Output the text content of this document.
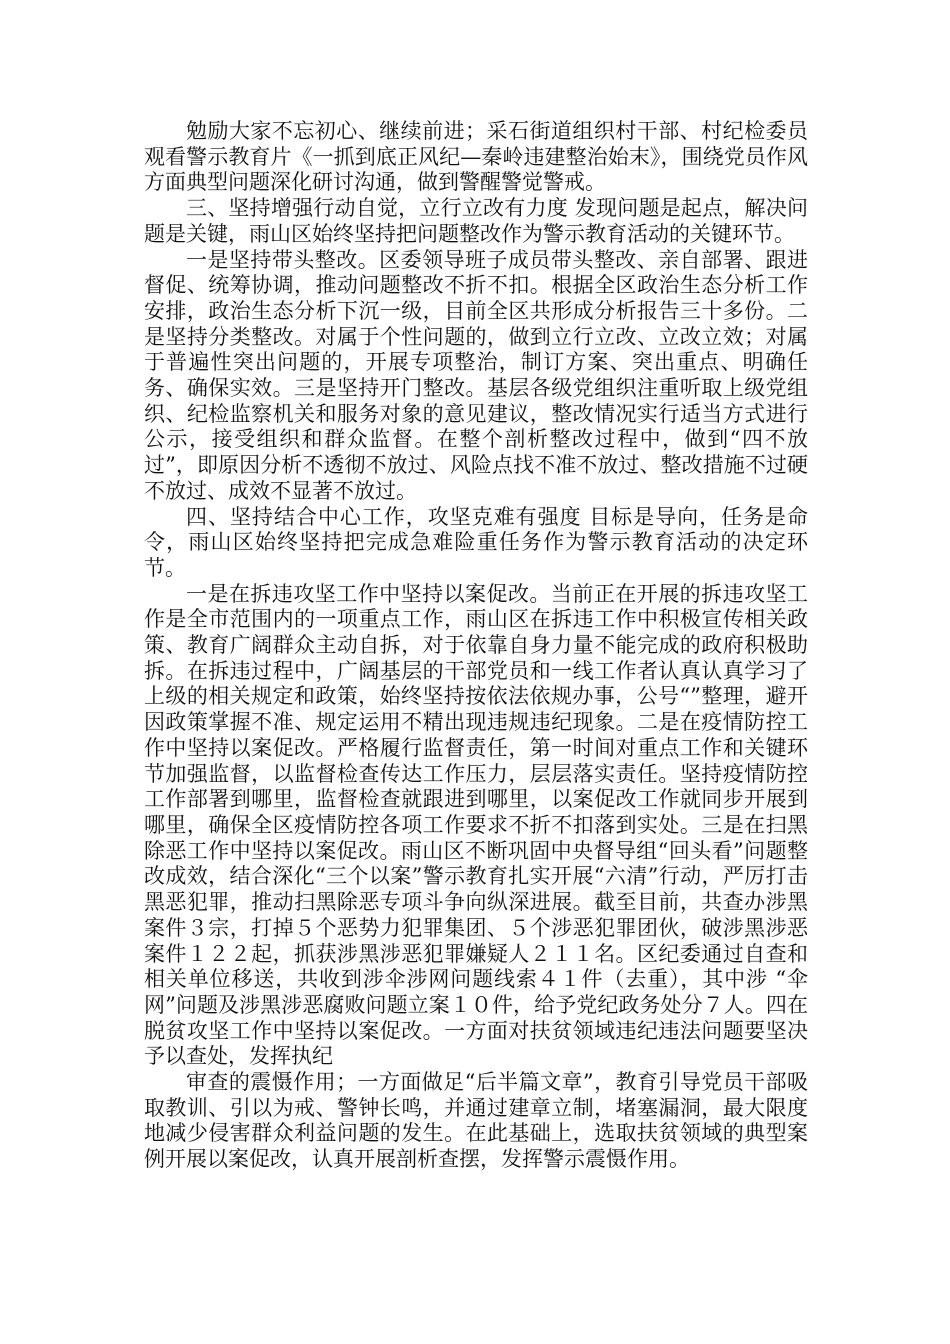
勉励大家不忘初心、继续前进；采石街道组织村干部、村纪检委员观看警示教育片《一抓到底正风纪—秦岭违建整治始末》，围绕党员作风方面典型问题深化研讨沟通，做到警醒警觉警戒。

三、坚持增强行动自觉，立行立改有力度 发现问题是起点，解决问题是关键，雨山区始终坚持把问题整改作为警示教育活动的关键环节。

一是坚持带头整改。区委领导班子成员带头整改、亲自部署、跟进督促、统筹协调，推动问题整改不折不扣。根据全区政治生态分析工作安排，政治生态分析下沉一级，目前全区共形成分析报告三十多份。二是坚持分类整改。对属于个性问题的，做到立行立改、立改立效；对属于普遍性突出问题的，开展专项整治，制订方案、突出重点、明确任务、确保实效。三是坚持开门整改。基层各级党组织注重听取上级党组织、纪检监察机关和服务对象的意见建议，整改情况实行适当方式进行公示，接受组织和群众监督。在整个剖析整改过程中，做到“四不放过”，即原因分析不透彻不放过、风险点找不准不放过、整改措施不过硬不放过、成效不显著不放过。

四、坚持结合中心工作，攻坚克难有强度 目标是导向，任务是命令，雨山区始终坚持把完成急难险重任务作为警示教育活动的决定环节。

一是在拆违攻坚工作中坚持以案促改。当前正在开展的拆违攻坚工作是全市范围内的一项重点工作，雨山区在拆违工作中积极宣传相关政策、教育广阔群众主动自拆，对于依靠自身力量不能完成的政府积极助拆。在拆违过程中，广阔基层的干部党员和一线工作者认真认真学习了上级的相关规定和政策，始终坚持按依法依规办事，公号“”整理，避开因政策掌握不准、规定运用不精出现违规违纪现象。二是在疫情防控工作中坚持以案促改。严格履行监督责任，第一时间对重点工作和关键环节加强监督，以监督检查传达工作压力，层层落实责任。坚持疫情防控工作部署到哪里，监督检查就跟进到哪里，以案促改工作就同步开展到哪里，确保全区疫情防控各项工作要求不折不扣落到实处。三是在扫黑除恶工作中坚持以案促改。雨山区不断巩固中央督导组“回头看”问题整改成效，结合深化“三个以案”警示教育扎实开展“六清”行动，严厉打击黑恶犯罪，推动扫黑除恶专项斗争向纵深进展。截至目前，共查办涉黑案件３宗，打掉５个恶势力犯罪集团、５个涉恶犯罪团伙，破涉黑涉恶案件１２２起，抓获涉黑涉恶犯罪嫌疑人２１１名。区纪委通过自查和相关单位移送，共收到涉伞涉网问题线索４１件（去重），其中涉 “伞网”问题及涉黑涉恶腐败问题立案１０件，给予党纪政务处分７人。四在脱贫攻坚工作中坚持以案促改。一方面对扶贫领域违纪违法问题要坚决予以查处，发挥执纪

审查的震慑作用；一方面做足“后半篇文章”，教育引导党员干部吸取教训、引以为戒、警钟长鸣，并通过建章立制，堵塞漏洞，最大限度地减少侵害群众利益问题的发生。在此基础上，选取扶贫领域的典型案例开展以案促改，认真开展剖析查摆，发挥警示震慑作用。
